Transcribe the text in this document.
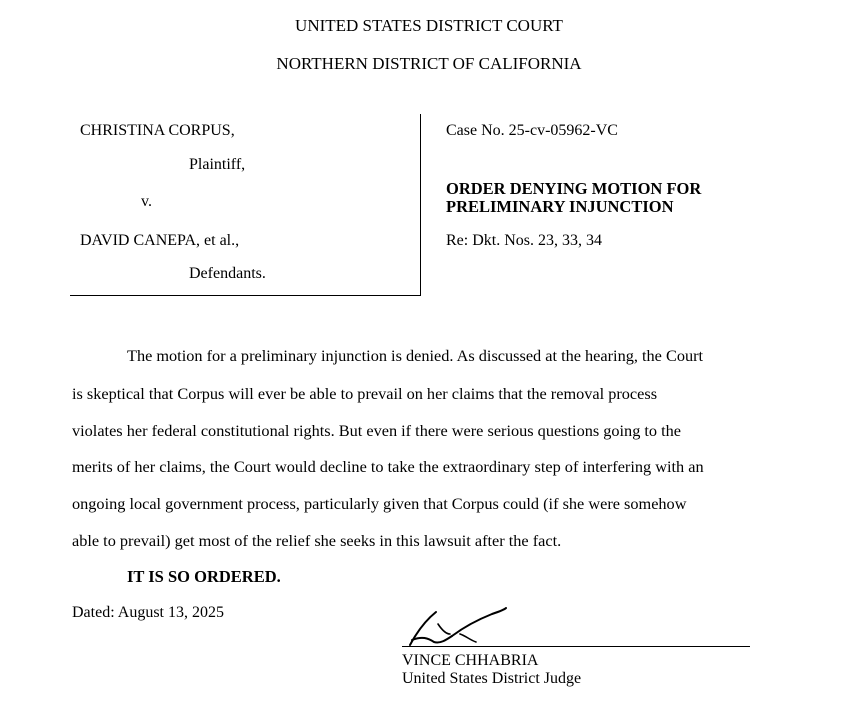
UNITED STATES DISTRICT COURT
NORTHERN DISTRICT OF CALIFORNIA
CHRISTINA CORPUS,
Plaintiff,
v.
DAVID CANEPA, et al.,
Defendants.
Case No. 25-cv-05962-VC
ORDER DENYING MOTION FOR
PRELIMINARY INJUNCTION
Re: Dkt. Nos. 23, 33, 34
The motion for a preliminary injunction is denied. As discussed at the hearing, the Court
is skeptical that Corpus will ever be able to prevail on her claims that the removal process
violates her federal constitutional rights. But even if there were serious questions going to the
merits of her claims, the Court would decline to take the extraordinary step of interfering with an
ongoing local government process, particularly given that Corpus could (if she were somehow
able to prevail) get most of the relief she seeks in this lawsuit after the fact.
IT IS SO ORDERED.
Dated: August 13, 2025
VINCE CHHABRIA
United States District Judge
